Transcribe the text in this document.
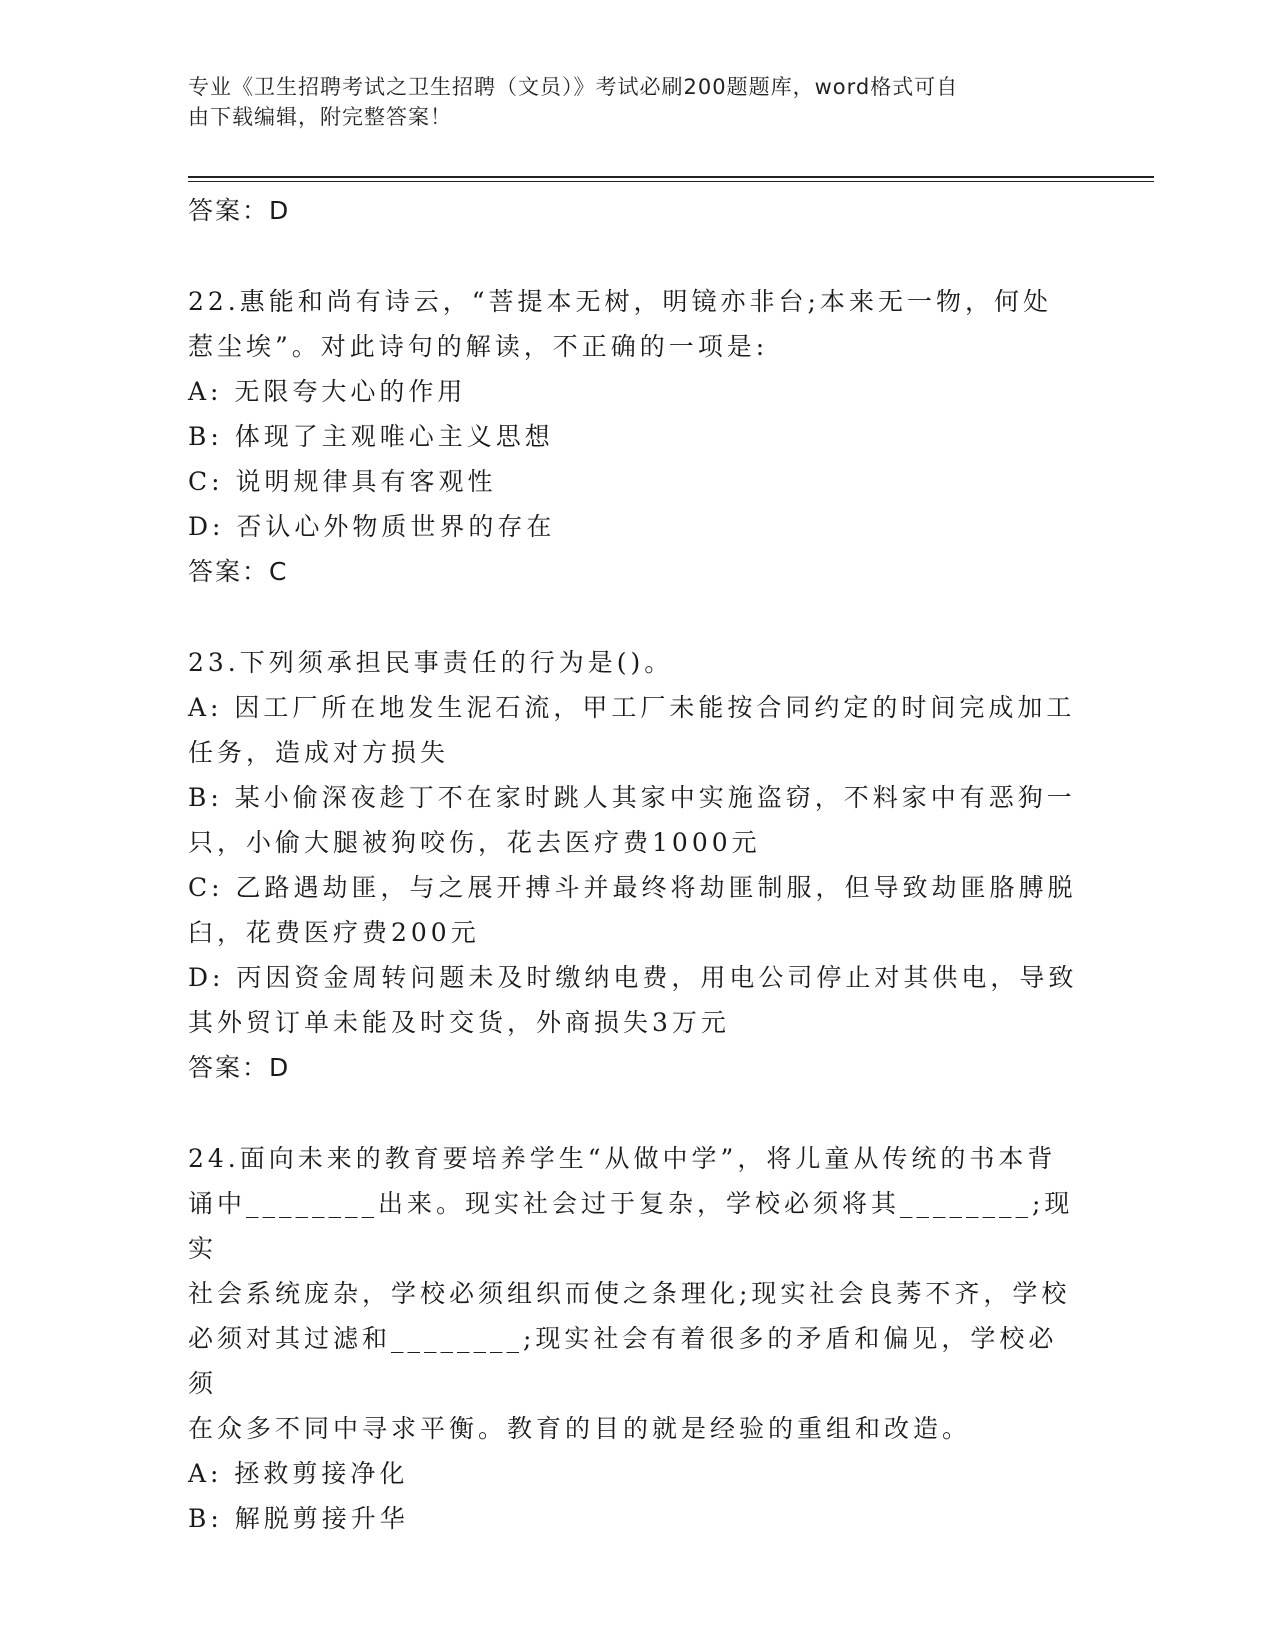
专业《卫生招聘考试之卫生招聘（文员）》考试必刷200题题库，word格式可自
由下载编辑，附完整答案！

答案：D

22.惠能和尚有诗云，“菩提本无树，明镜亦非台;本来无一物，何处

惹尘埃”。对此诗句的解读，不正确的一项是:

A: 无限夸大心的作用

B: 体现了主观唯心主义思想

C: 说明规律具有客观性

D: 否认心外物质世界的存在

答案：C

23.下列须承担民事责任的行为是()。

A: 因工厂所在地发生泥石流，甲工厂未能按合同约定的时间完成加工

任务，造成对方损失

B: 某小偷深夜趁丁不在家时跳人其家中实施盗窃，不料家中有恶狗一

只，小偷大腿被狗咬伤，花去医疗费1000元

C: 乙路遇劫匪，与之展开搏斗并最终将劫匪制服，但导致劫匪胳膊脱

臼，花费医疗费200元

D: 丙因资金周转问题未及时缴纳电费，用电公司停止对其供电，导致

其外贸订单未能及时交货，外商损失3万元

答案：D

24.面向未来的教育要培养学生“从做中学”，将儿童从传统的书本背

诵中________出来。现实社会过于复杂，学校必须将其________;现实

社会系统庞杂，学校必须组织而使之条理化;现实社会良莠不齐，学校

必须对其过滤和________;现实社会有着很多的矛盾和偏见，学校必须

在众多不同中寻求平衡。教育的目的就是经验的重组和改造。

A: 拯救剪接净化

B: 解脱剪接升华
